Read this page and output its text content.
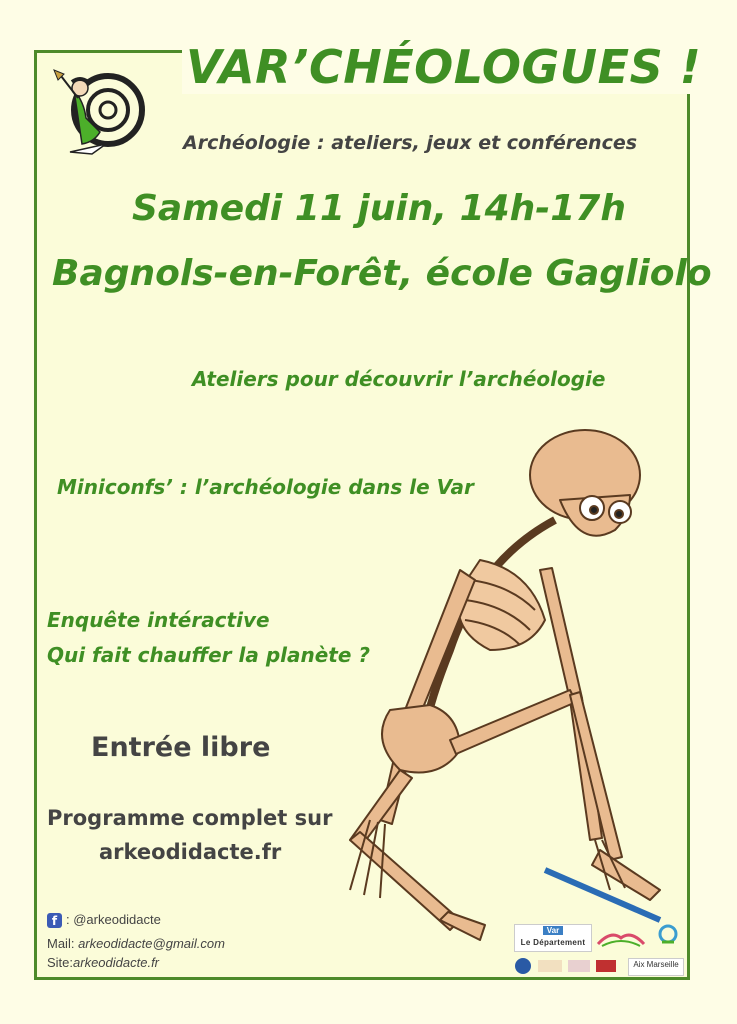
VAR’CHÉOLOGUES !

Archéologie : ateliers, jeux et conférences

Samedi 11 juin, 14h-17h

Bagnols-en-Forêt, école Gagliolo

Ateliers pour découvrir l’archéologie

Miniconfs’ : l’archéologie dans le Var

Enquête intéractive

Qui fait chauffer la planète ?

Entrée libre

Programme complet sur

arkeodidacte.fr

f : @arkeodidacte
Mail: arkeodidacte@gmail.com
Site:arkeodidacte.fr
Var
Le Département
Aix Marseille
